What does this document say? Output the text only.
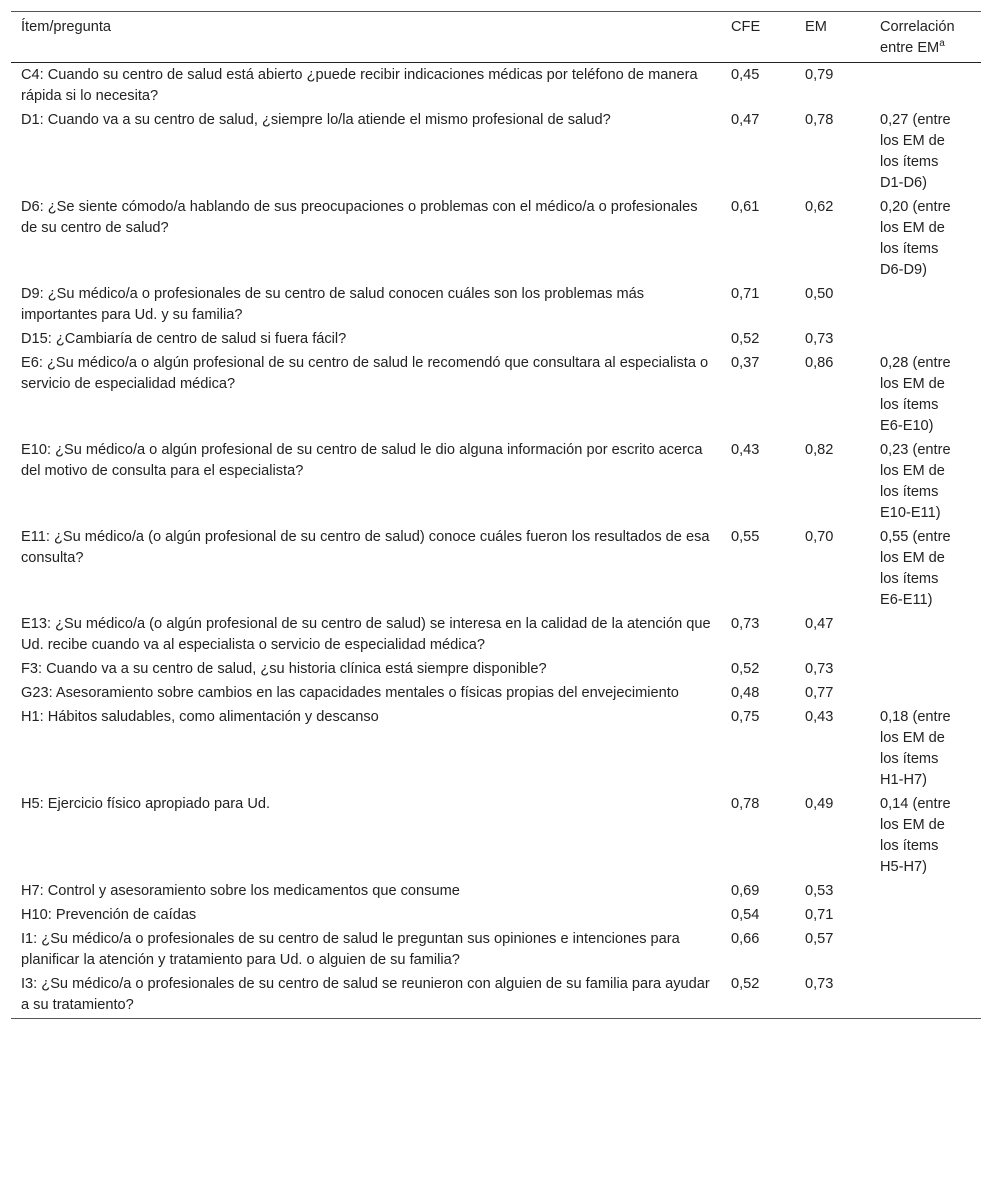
Ítem/pregunta	CFE	EM	Correlación entre $EM^a$
C4: Cuando su centro de salud está abierto ¿puede recibir indicaciones médicas por teléfono de manera rápida si lo necesita?	0,45	0,79	
D1: Cuando va a su centro de salud, ¿siempre lo/la atiende el mismo profesional de salud?	0,47	0,78	0,27 (entre los EM de los ítems D1-D6)
D6: ¿Se siente cómodo/a hablando de sus preocupaciones o problemas con el médico/a o profesionales de su centro de salud?	0,61	0,62	0,20 (entre los EM de los ítems D6-D9)
D9: ¿Su médico/a o profesionales de su centro de salud conocen cuáles son los problemas más importantes para Ud. y su familia?	0,71	0,50	
D15: ¿Cambiaría de centro de salud si fuera fácil?	0,52	0,73	
E6: ¿Su médico/a o algún profesional de su centro de salud le recomendó que consultara al especialista o servicio de especialidad médica?	0,37	0,86	0,28 (entre los EM de los ítems E6-E10)
E10: ¿Su médico/a o algún profesional de su centro de salud le dio alguna información por escrito acerca del motivo de consulta para el especialista?	0,43	0,82	0,23 (entre los EM de los ítems E10-E11)
E11: ¿Su médico/a (o algún profesional de su centro de salud) conoce cuáles fueron los resultados de esa consulta?	0,55	0,70	0,55 (entre los EM de los ítems E6-E11)
E13: ¿Su médico/a (o algún profesional de su centro de salud) se interesa en la calidad de la atención que Ud. recibe cuando va al especialista o servicio de especialidad médica?	0,73	0,47	
F3: Cuando va a su centro de salud, ¿su historia clínica está siempre disponible?	0,52	0,73	
G23: Asesoramiento sobre cambios en las capacidades mentales o físicas propias del envejecimiento	0,48	0,77	
H1: Hábitos saludables, como alimentación y descanso	0,75	0,43	0,18 (entre los EM de los ítems H1-H7)
H5: Ejercicio físico apropiado para Ud.	0,78	0,49	0,14 (entre los EM de los ítems H5-H7)
H7: Control y asesoramiento sobre los medicamentos que consume	0,69	0,53	
H10: Prevención de caídas	0,54	0,71	
I1: ¿Su médico/a o profesionales de su centro de salud le preguntan sus opiniones e intenciones para planificar la atención y tratamiento para Ud. o alguien de su familia?	0,66	0,57	
I3: ¿Su médico/a o profesionales de su centro de salud se reunieron con alguien de su familia para ayudar a su tratamiento?	0,52	0,73	
